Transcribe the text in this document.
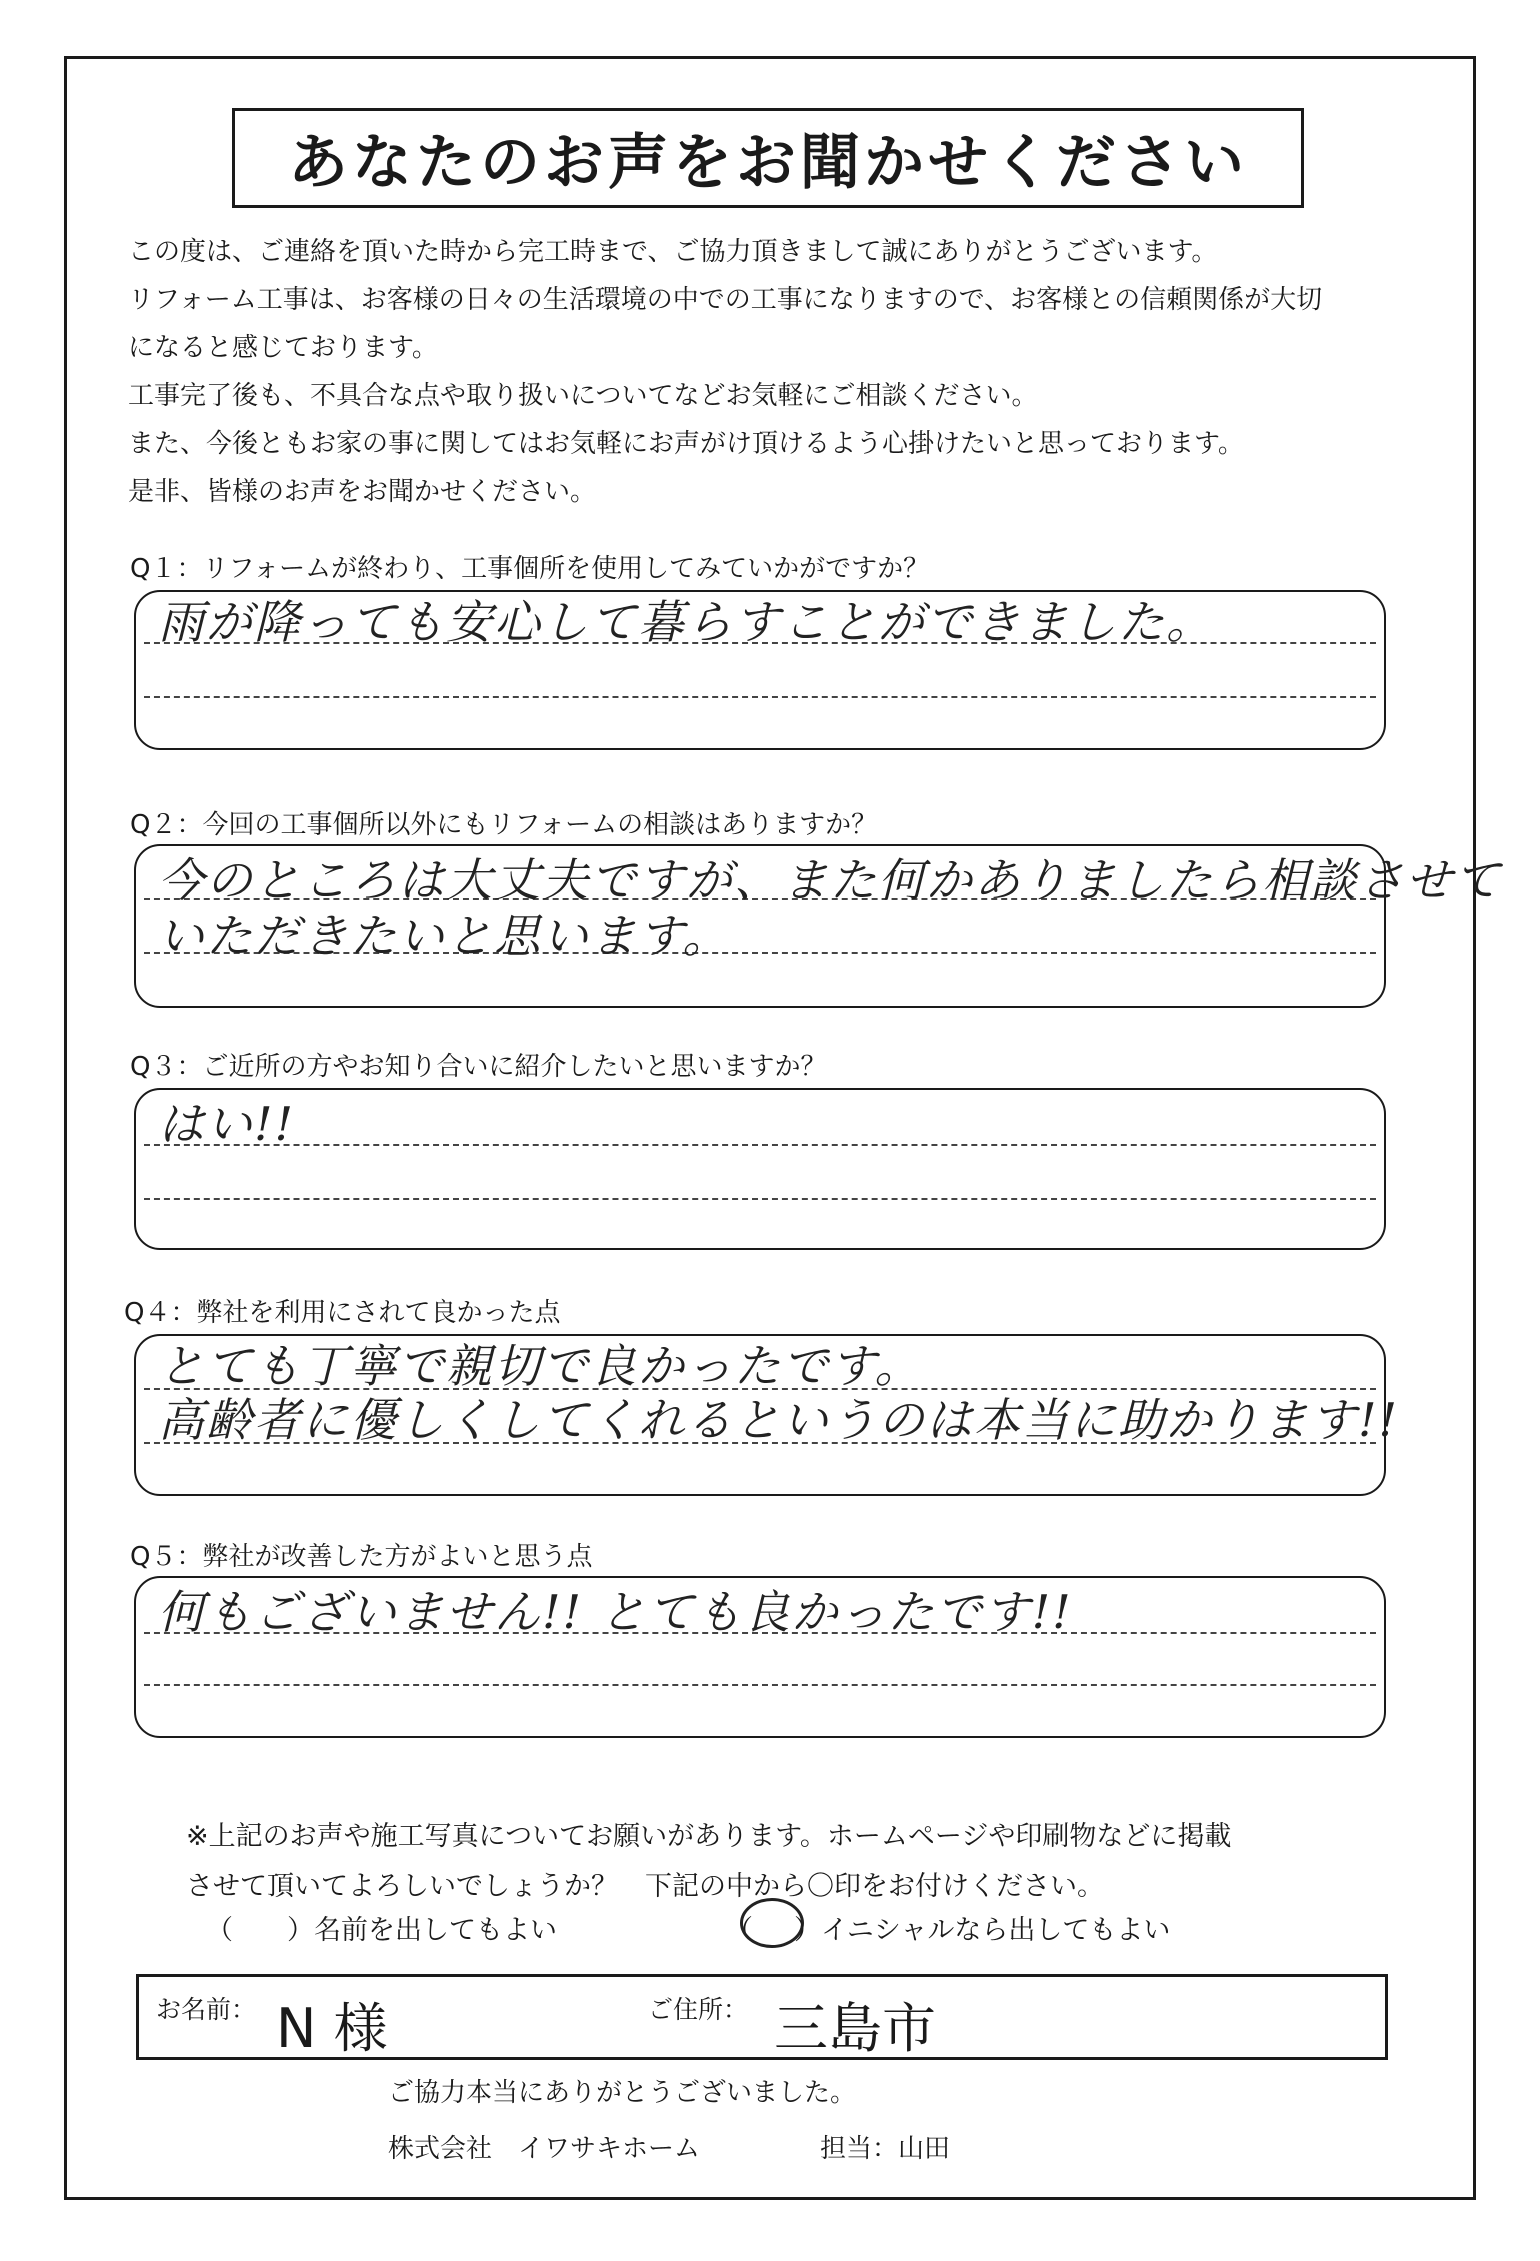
あなたのお声をお聞かせください

この度は、ご連絡を頂いた時から完工時まで、ご協力頂きまして誠にありがとうございます。

リフォーム工事は、お客様の日々の生活環境の中での工事になりますので、お客様との信頼関係が大切

になると感じております。

工事完了後も、不具合な点や取り扱いについてなどお気軽にご相談ください。

また、今後ともお家の事に関してはお気軽にお声がけ頂けるよう心掛けたいと思っております。

是非、皆様のお声をお聞かせください。

Q１：リフォームが終わり、工事個所を使用してみていかがですか？
雨が降っても安心して暮らすことができました。
Q２：今回の工事個所以外にもリフォームの相談はありますか？
今のところは大丈夫ですが、また何かありましたら相談させて
いただきたいと思います。
Q３：ご近所の方やお知り合いに紹介したいと思いますか？
はい!!
Q４：弊社を利用にされて良かった点
とても丁寧で親切で良かったです。
高齢者に優しくしてくれるというのは本当に助かります!!
Q５：弊社が改善した方がよいと思う点
何もございません!! とても良かったです!!

※上記のお声や施工写真についてお願いがあります。ホームページや印刷物などに掲載

させて頂いてよろしいでしょうか？　下記の中から〇印をお付けください。

（　　）名前を出してもよい	（ ）イニシャルなら出してもよい
お名前： N 様	ご住所： 三島市
ご協力本当にありがとうございました。
株式会社　イワサキホーム	担当：山田
